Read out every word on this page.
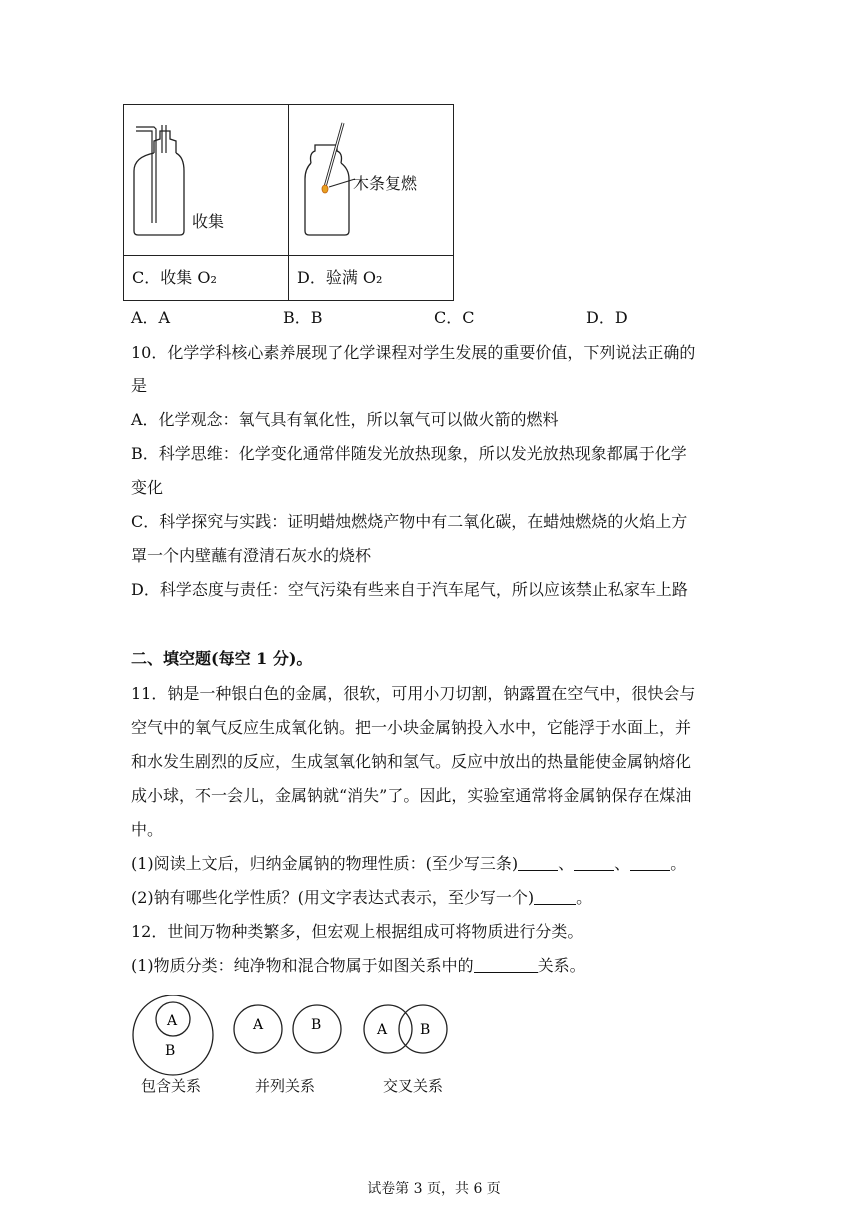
收集	木条复燃

C．收集 O₂	D．验满 O₂
A．A	B．B	C．C	D．D
10．化学学科核心素养展现了化学课程对学生发展的重要价值，下列说法正确的
是
A．化学观念：氧气具有氧化性，所以氧气可以做火箭的燃料
B．科学思维：化学变化通常伴随发光放热现象，所以发光放热现象都属于化学
变化
C．科学探究与实践：证明蜡烛燃烧产物中有二氧化碳，在蜡烛燃烧的火焰上方
罩一个内壁蘸有澄清石灰水的烧杯
D．科学态度与责任：空气污染有些来自于汽车尾气，所以应该禁止私家车上路
二、填空题(每空 1 分)。
11．钠是一种银白色的金属，很软，可用小刀切割，钠露置在空气中，很快会与
空气中的氧气反应生成氧化钠。把一小块金属钠投入水中，它能浮于水面上，并
和水发生剧烈的反应，生成氢氧化钠和氢气。反应中放出的热量能使金属钠熔化
成小球，不一会儿，金属钠就“消失”了。因此，实验室通常将金属钠保存在煤油
中。
(1)阅读上文后，归纳金属钠的物理性质：(至少写三条)	、	、	。
(2)钠有哪些化学性质？(用文字表达式表示，至少写一个)	。
12．世间万物种类繁多，但宏观上根据组成可将物质进行分类。
(1)物质分类：纯净物和混合物属于如图关系中的	关系。
A
B
A	B	A B
包含关系	并列关系	交叉关系
试卷第 3 页，共 6 页
